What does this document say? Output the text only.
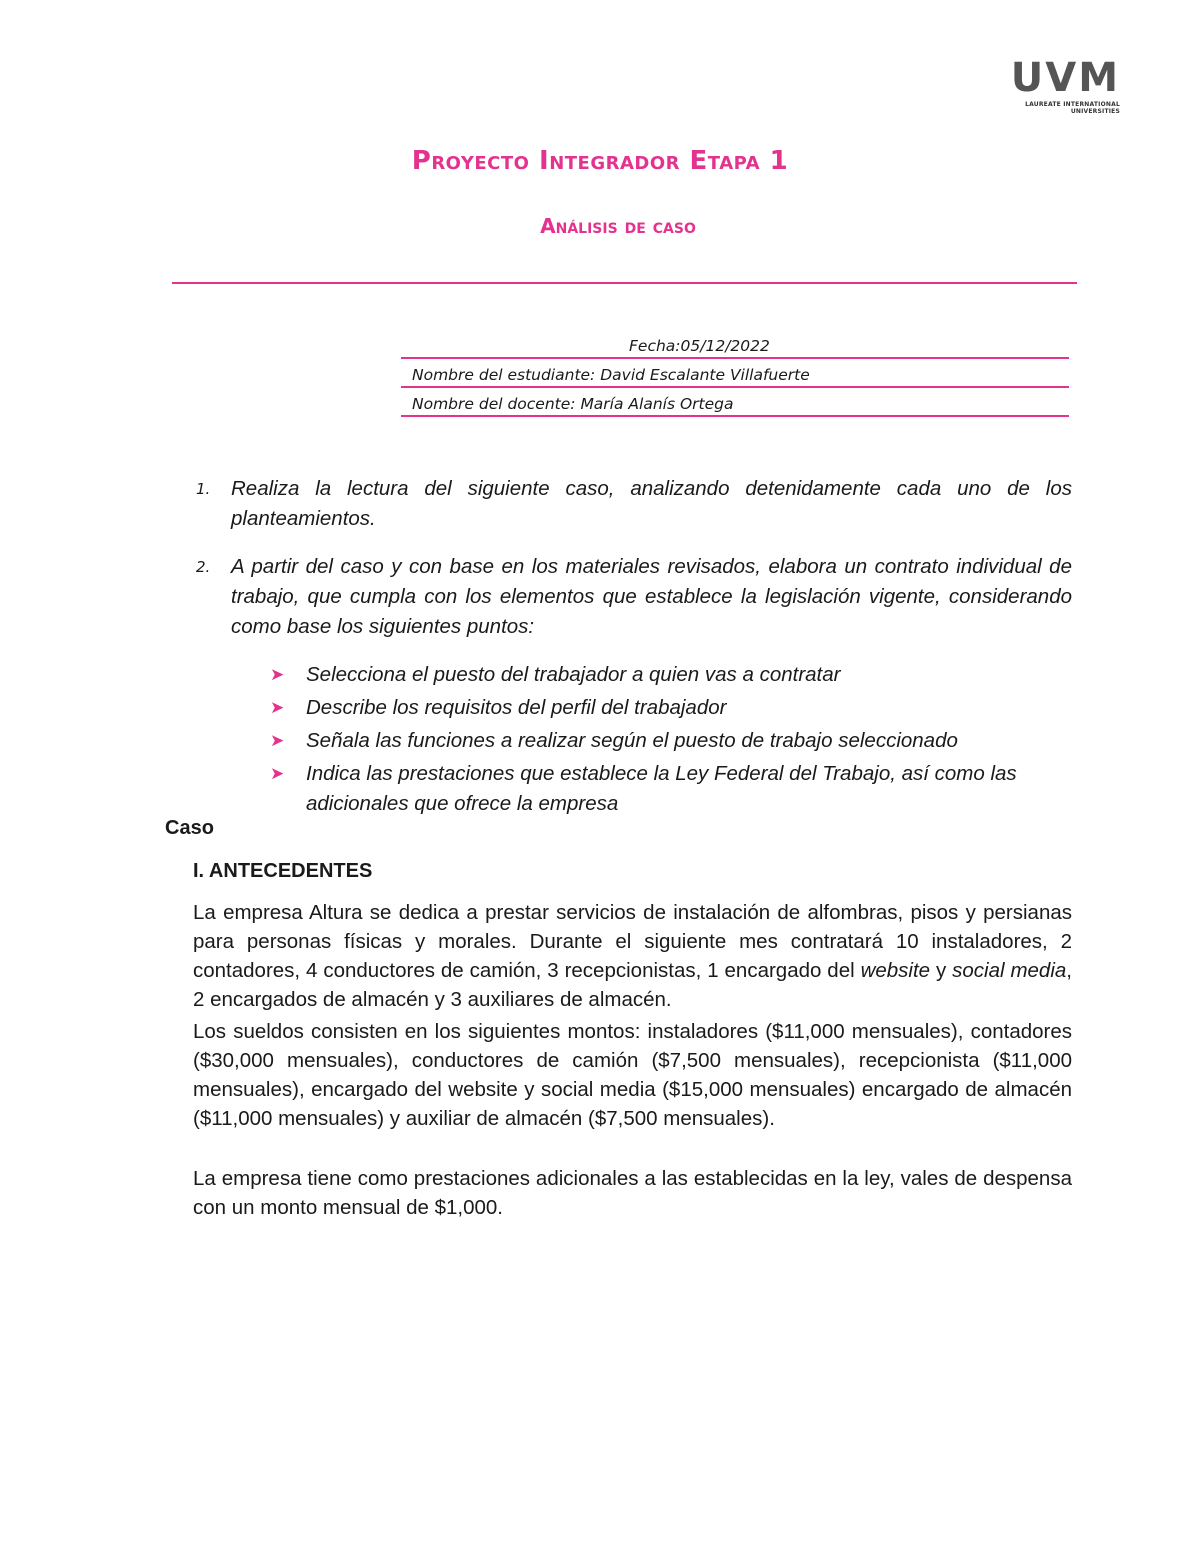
UVM
LAUREATE INTERNATIONAL UNIVERSITIES
Proyecto Integrador Etapa 1
Análisis de caso
Fecha:05/12/2022
Nombre del estudiante: David Escalante Villafuerte
Nombre del docente: María Alanís Ortega
1. Realiza la lectura del siguiente caso, analizando detenidamente cada uno de los planteamientos.
2. A partir del caso y con base en los materiales revisados, elabora un contrato individual de trabajo, que cumpla con los elementos que establece la legislación vigente, considerando como base los siguientes puntos:
➤ Selecciona el puesto del trabajador a quien vas a contratar
➤ Describe los requisitos del perfil del trabajador
➤ Señala las funciones a realizar según el puesto de trabajo seleccionado
➤ Indica las prestaciones que establece la Ley Federal del Trabajo, así como las adicionales que ofrece la empresa
Caso
I. ANTECEDENTES

La empresa Altura se dedica a prestar servicios de instalación de alfombras, pisos y persianas para personas físicas y morales. Durante el siguiente mes contratará 10 instaladores, 2 contadores, 4 conductores de camión, 3 recepcionistas, 1 encargado del website y social media, 2 encargados de almacén y 3 auxiliares de almacén.

Los sueldos consisten en los siguientes montos: instaladores ($11,000 mensuales), contadores ($30,000 mensuales), conductores de camión ($7,500 mensuales), recepcionista ($11,000 mensuales), encargado del website y social media ($15,000 mensuales) encargado de almacén ($11,000 mensuales) y auxiliar de almacén ($7,500 mensuales).

La empresa tiene como prestaciones adicionales a las establecidas en la ley, vales de despensa con un monto mensual de $1,000.
